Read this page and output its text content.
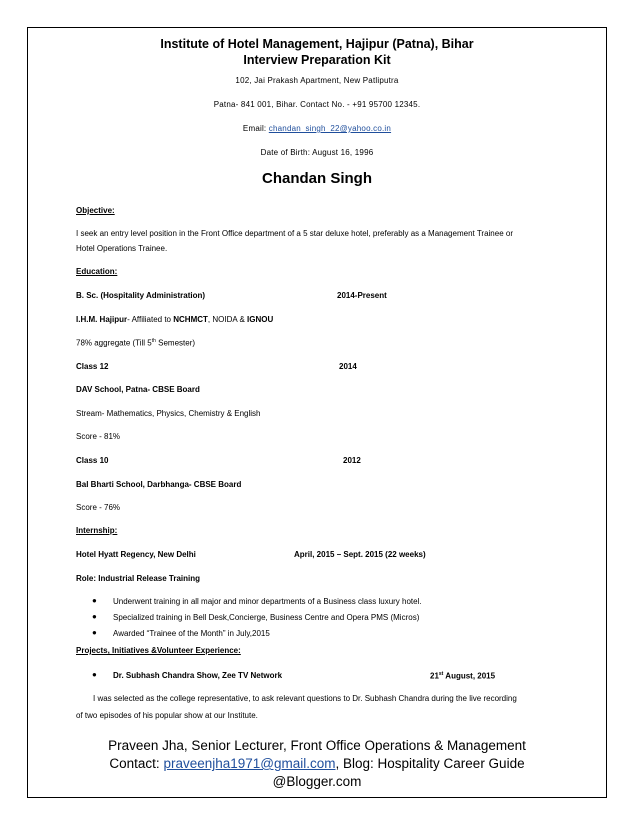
Institute of Hotel Management, Hajipur (Patna), Bihar
Interview Preparation Kit
102, Jai Prakash Apartment, New Patliputra
Patna- 841 001, Bihar. Contact No. - +91 95700 12345.
Email: chandan_singh_22@yahoo.co.in
Date of Birth: August 16, 1996
Chandan Singh
Objective:
I seek an entry level position in the Front Office department of a 5 star deluxe hotel, preferably as a Management Trainee or
Hotel Operations Trainee.
Education:
B. Sc. (Hospitality Administration)	2014-Present
I.H.M. Hajipur- Affiliated to NCHMCT, NOIDA & IGNOU
78% aggregate (Till 5th Semester)
Class 12	2014
DAV School, Patna- CBSE Board
Stream- Mathematics, Physics, Chemistry & English
Score - 81%
Class 10	2012
Bal Bharti School, Darbhanga- CBSE Board
Score - 76%
Internship:
Hotel Hyatt Regency, New Delhi	April, 2015 – Sept. 2015 (22 weeks)
Role: Industrial Release Training
● Underwent training in all major and minor departments of a Business class luxury hotel.
● Specialized training in Bell Desk,Concierge, Business Centre and Opera PMS (Micros)
● Awarded “Trainee of the Month” in July,2015
Projects, Initiatives &Volunteer Experience:
● Dr. Subhash Chandra Show, Zee TV Network	21st August, 2015
I was selected as the college representative, to ask relevant questions to Dr. Subhash Chandra during the live recording
of two episodes of his popular show at our Institute.
Praveen Jha, Senior Lecturer, Front Office Operations & Management
Contact: praveenjha1971@gmail.com, Blog: Hospitality Career Guide
@Blogger.com
